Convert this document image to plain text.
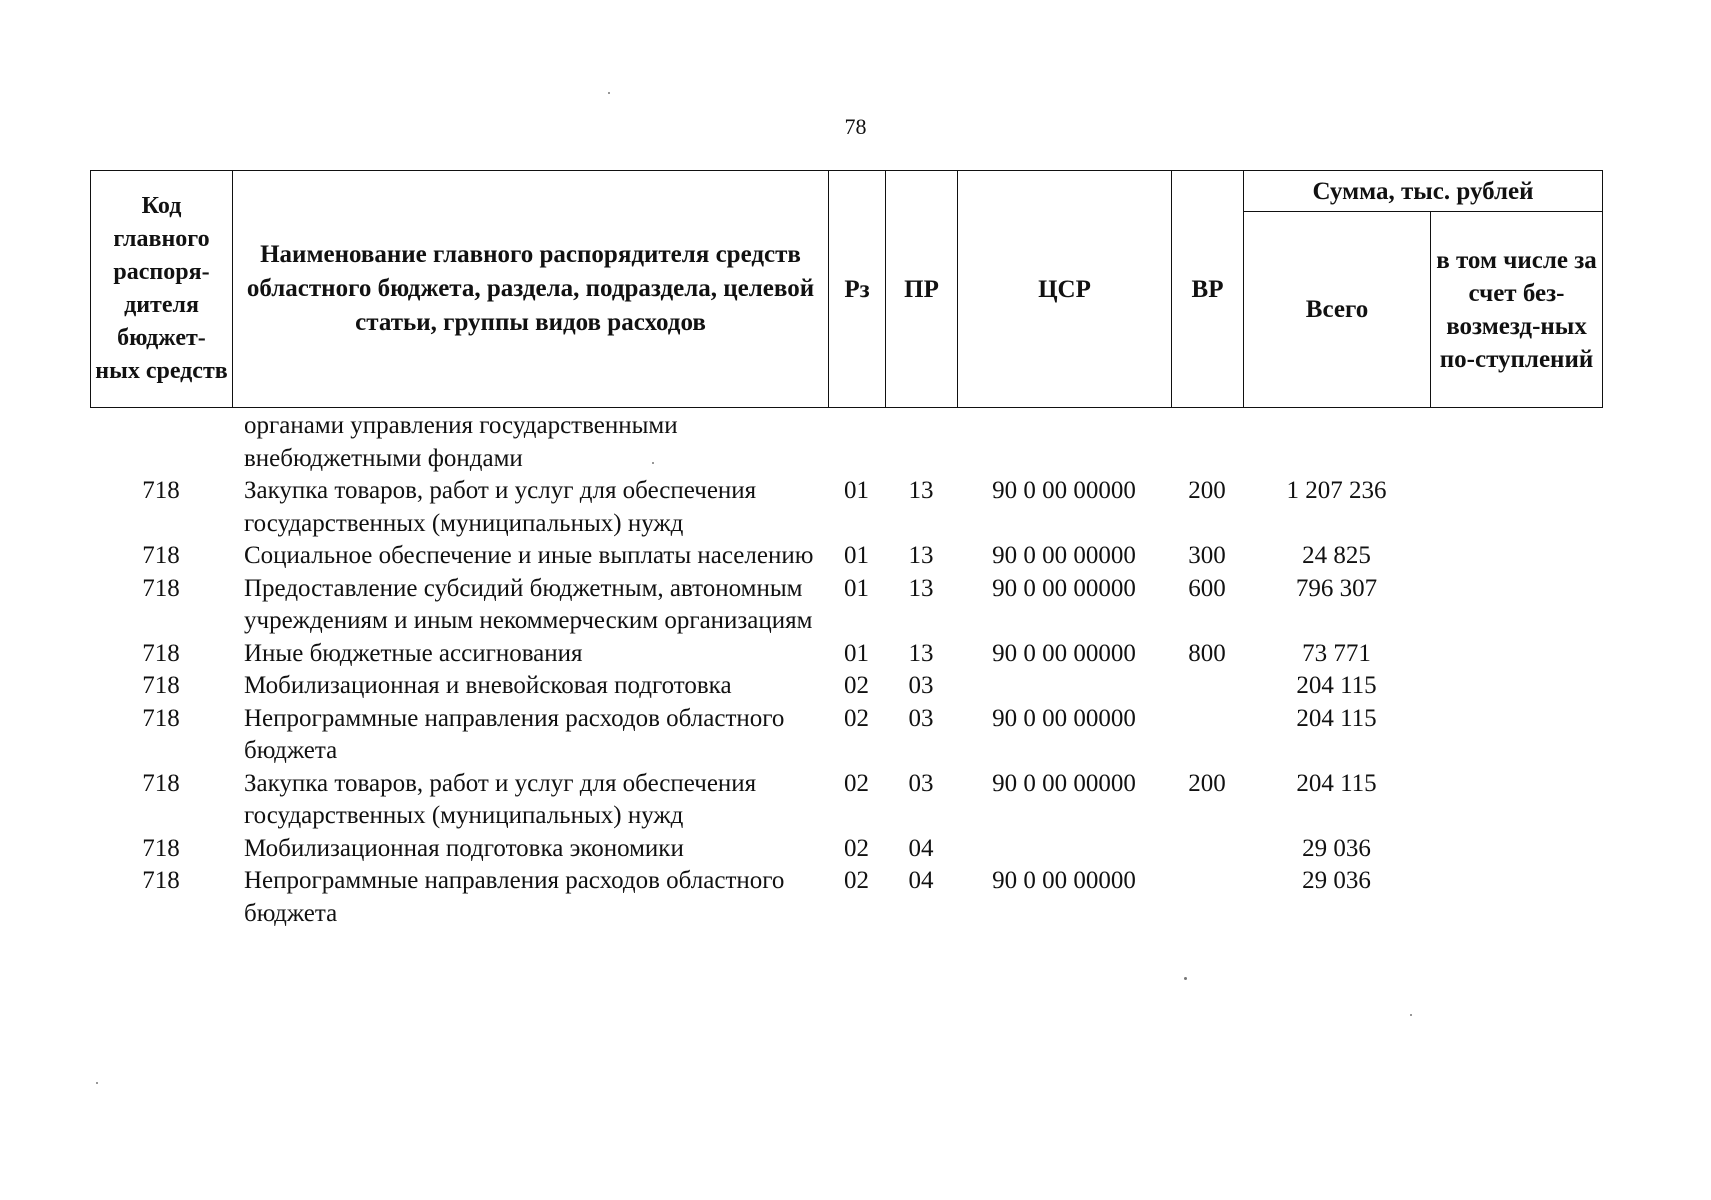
78
Код главного распоря-дителя бюджет-ных средств	Наименование главного распорядителя средств областного бюджета, раздела, подраздела, целевой статьи, группы видов расходов	Рз	ПР	ЦСР	ВР	Сумма, тыс. рублей	
						Всего	в том числе за счет без-возмезд-ных по-ступлений
	органами управления государственными внебюджетными фондами						
718	Закупка товаров, работ и услуг для обеспечения государственных (муниципальных) нужд	01	13	90 0 00 00000	200	1 207 236	
718	Социальное обеспечение и иные выплаты населению	01	13	90 0 00 00000	300	24 825	
718	Предоставление субсидий бюджетным, автономным учреждениям и иным некоммерческим организациям	01	13	90 0 00 00000	600	796 307	
718	Иные бюджетные ассигнования	01	13	90 0 00 00000	800	73 771	
718	Мобилизационная и вневойсковая подготовка	02	03			204 115	
718	Непрограммные направления расходов областного бюджета	02	03	90 0 00 00000		204 115	
718	Закупка товаров, работ и услуг для обеспечения государственных (муниципальных) нужд	02	03	90 0 00 00000	200	204 115	
718	Мобилизационная подготовка экономики	02	04			29 036	
718	Непрограммные направления расходов областного бюджета	02	04	90 0 00 00000		29 036	
